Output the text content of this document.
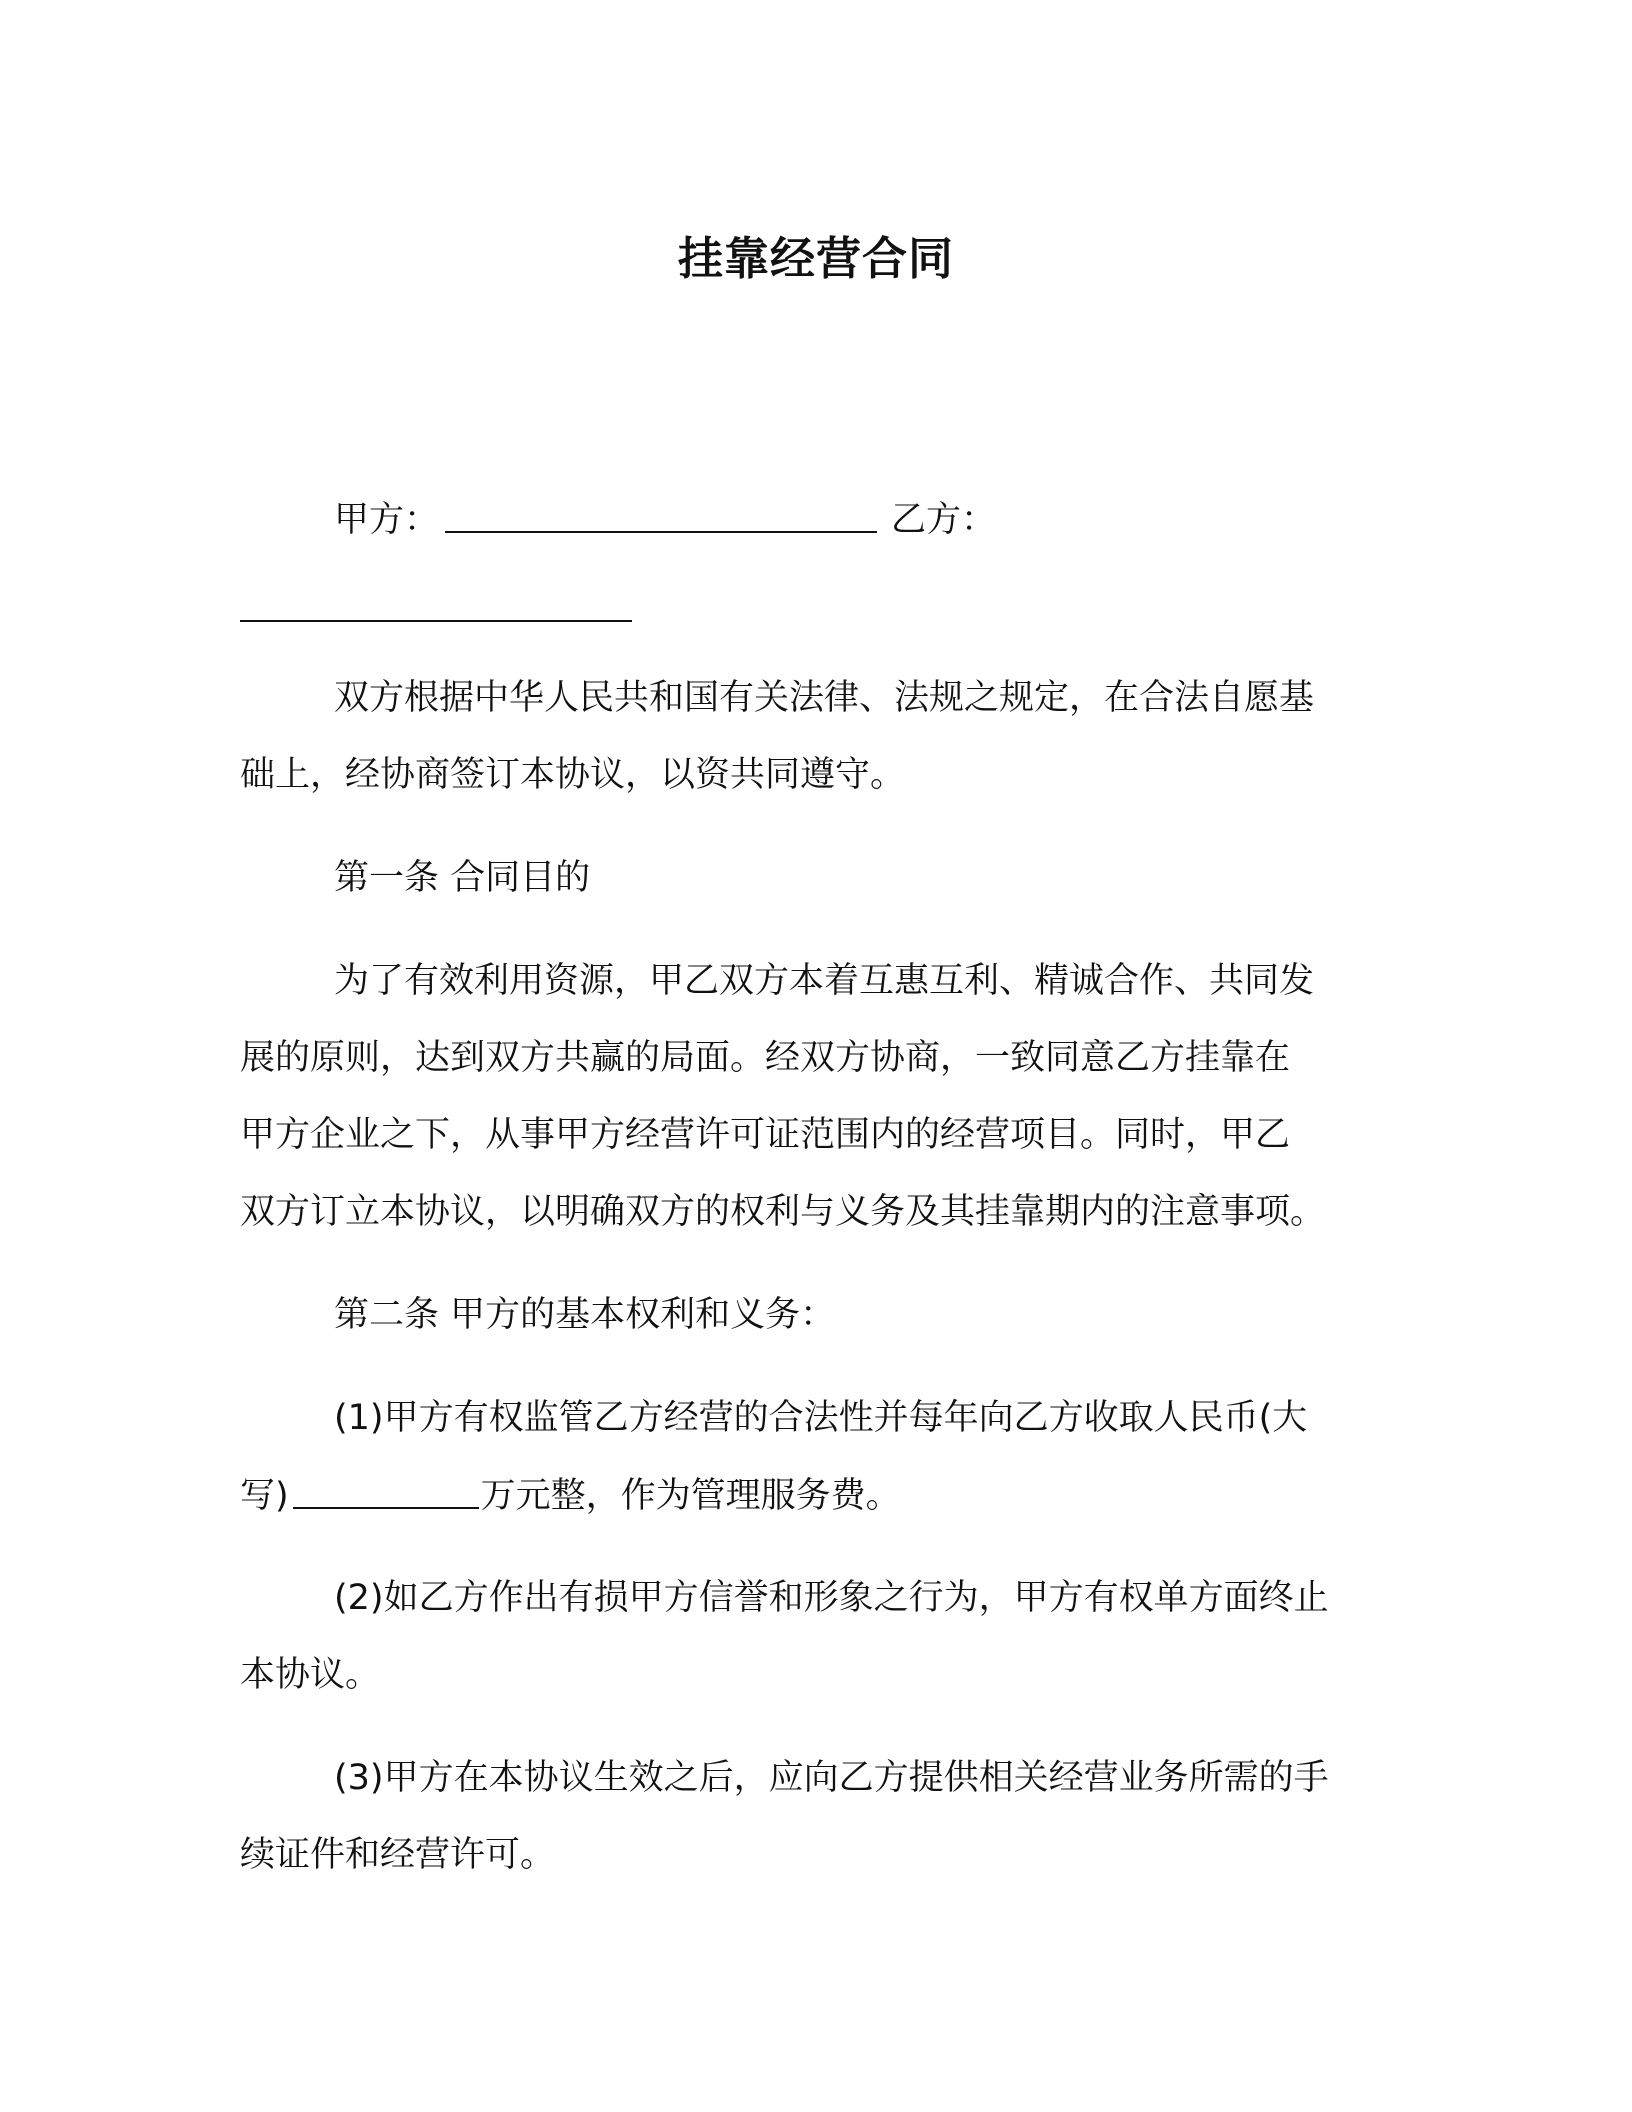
挂靠经营合同
甲方：	乙方：
双方根据中华人民共和国有关法律、法规之规定，在合法自愿基
础上，经协商签订本协议，以资共同遵守。
第一条 合同目的
为了有效利用资源，甲乙双方本着互惠互利、精诚合作、共同发
展的原则，达到双方共赢的局面。经双方协商，一致同意乙方挂靠在
甲方企业之下，从事甲方经营许可证范围内的经营项目。同时，甲乙
双方订立本协议，以明确双方的权利与义务及其挂靠期内的注意事项。
第二条 甲方的基本权利和义务：
(1)甲方有权监管乙方经营的合法性并每年向乙方收取人民币(大
写)	万元整，作为管理服务费。
(2)如乙方作出有损甲方信誉和形象之行为，甲方有权单方面终止
本协议。
(3)甲方在本协议生效之后，应向乙方提供相关经营业务所需的手
续证件和经营许可。
